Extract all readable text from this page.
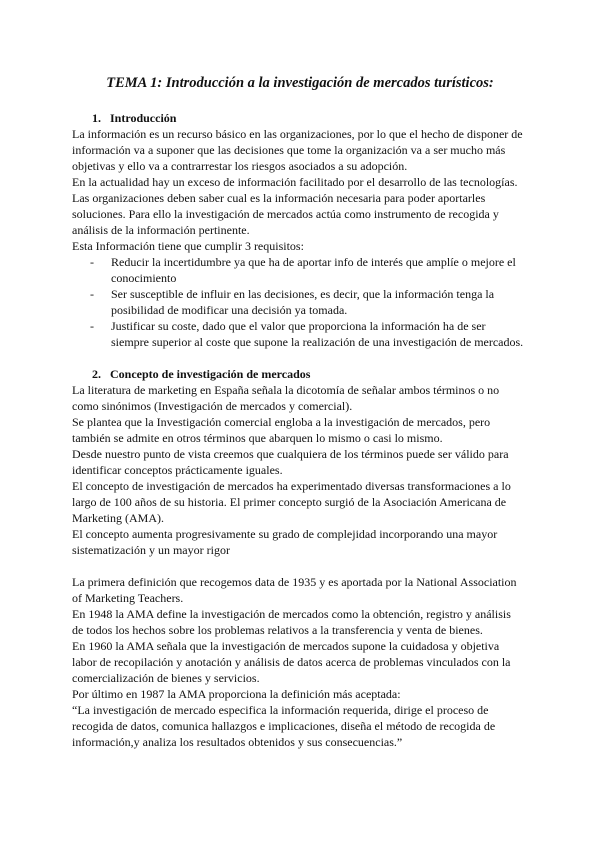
TEMA 1: Introducción a la investigación de mercados turísticos:
1. Introducción
La información es un recurso básico en las organizaciones, por lo que el hecho de disponer de
información va a suponer que las decisiones que tome la organización va a ser mucho más
objetivas y ello va a contrarrestar los riesgos asociados a su adopción.
En la actualidad hay un exceso de información facilitado por el desarrollo de las tecnologías.
Las organizaciones deben saber cual es la información necesaria para poder aportarles
soluciones. Para ello la investigación de mercados actúa como instrumento de recogida y
análisis de la información pertinente.
Esta Información tiene que cumplir 3 requisitos:
-	Reducir la incertidumbre ya que ha de aportar info de interés que amplíe o mejore el
conocimiento
-	Ser susceptible de influir en las decisiones, es decir, que la información tenga la
posibilidad de modificar una decisión ya tomada.
-	Justificar su coste, dado que el valor que proporciona la información ha de ser
siempre superior al coste que supone la realización de una investigación de mercados.
2. Concepto de investigación de mercados
La literatura de marketing en España señala la dicotomía de señalar ambos términos o no
como sinónimos (Investigación de mercados y comercial).
Se plantea que la Investigación comercial engloba a la investigación de mercados, pero
también se admite en otros términos que abarquen lo mismo o casi lo mismo.
Desde nuestro punto de vista creemos que cualquiera de los términos puede ser válido para
identificar conceptos prácticamente iguales.
El concepto de investigación de mercados ha experimentado diversas transformaciones a lo
largo de 100 años de su historia. El primer concepto surgió de la Asociación Americana de
Marketing (AMA).
El concepto aumenta progresivamente su grado de complejidad incorporando una mayor
sistematización y un mayor rigor
La primera definición que recogemos data de 1935 y es aportada por la National Association
of Marketing Teachers.
En 1948 la AMA define la investigación de mercados como la obtención, registro y análisis
de todos los hechos sobre los problemas relativos a la transferencia y venta de bienes.
En 1960 la AMA señala que la investigación de mercados supone la cuidadosa y objetiva
labor de recopilación y anotación y análisis de datos acerca de problemas vinculados con la
comercialización de bienes y servicios.
Por último en 1987 la AMA proporciona la definición más aceptada:
“La investigación de mercado especifica la información requerida, dirige el proceso de
recogida de datos, comunica hallazgos e implicaciones, diseña el método de recogida de
información,y analiza los resultados obtenidos y sus consecuencias.”
